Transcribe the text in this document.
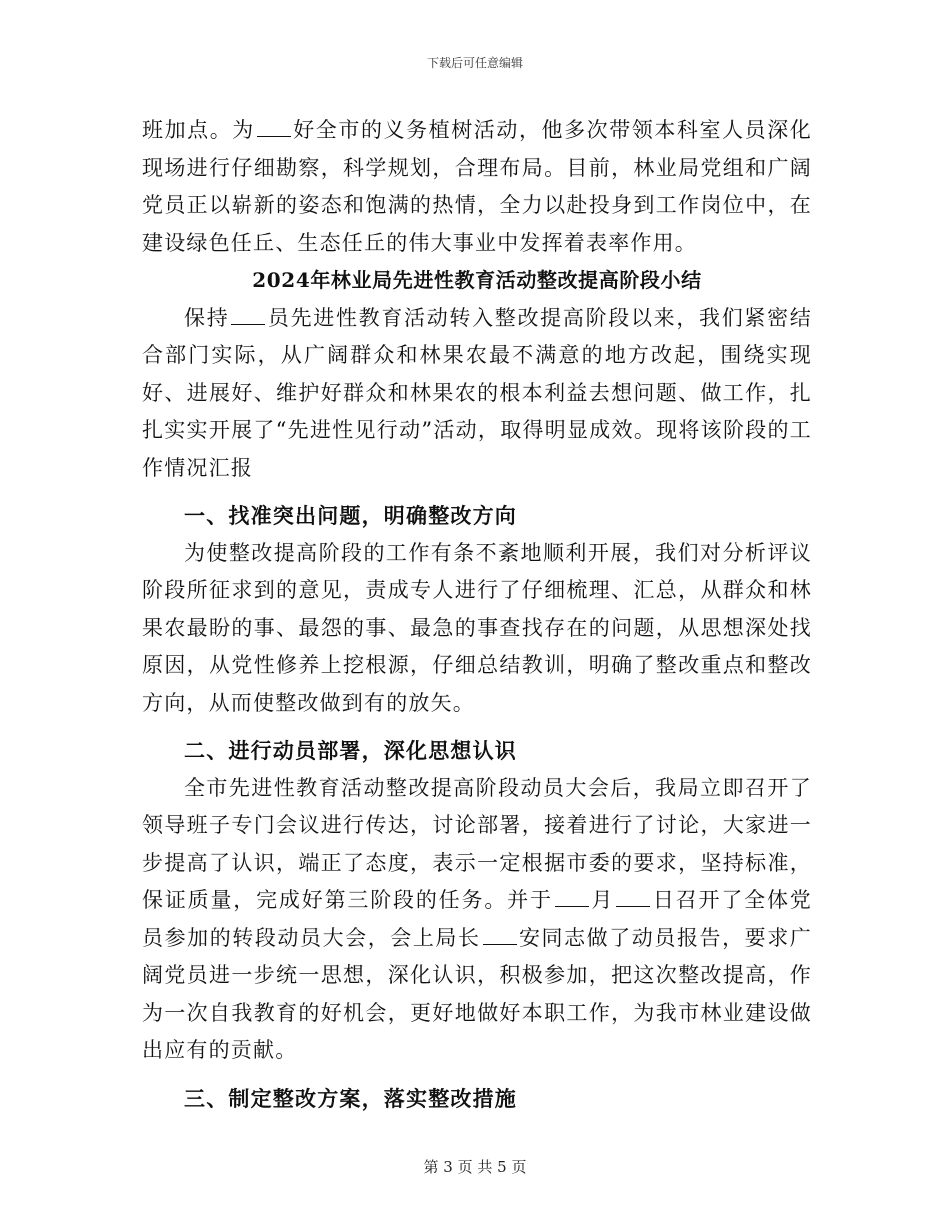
下载后可任意编辑

班加点。为 好全市的义务植树活动，他多次带领本科室人员深化现场进行仔细勘察，科学规划，合理布局。目前，林业局党组和广阔党员正以崭新的姿态和饱满的热情，全力以赴投身到工作岗位中，在建设绿色任丘、生态任丘的伟大事业中发挥着表率作用。

2024年林业局先进性教育活动整改提高阶段小结

保持 员先进性教育活动转入整改提高阶段以来，我们紧密结合部门实际，从广阔群众和林果农最不满意的地方改起，围绕实现好、进展好、维护好群众和林果农的根本利益去想问题、做工作，扎扎实实开展了“先进性见行动”活动，取得明显成效。现将该阶段的工作情况汇报

一、找准突出问题，明确整改方向

为使整改提高阶段的工作有条不紊地顺利开展，我们对分析评议阶段所征求到的意见，责成专人进行了仔细梳理、汇总，从群众和林果农最盼的事、最怨的事、最急的事查找存在的问题，从思想深处找原因，从党性修养上挖根源，仔细总结教训，明确了整改重点和整改方向，从而使整改做到有的放矢。

二、进行动员部署，深化思想认识

全市先进性教育活动整改提高阶段动员大会后，我局立即召开了领导班子专门会议进行传达，讨论部署，接着进行了讨论，大家进一步提高了认识，端正了态度，表示一定根据市委的要求，坚持标准，保证质量，完成好第三阶段的任务。并于 月 日召开了全体党员参加的转段动员大会，会上局长 安同志做了动员报告，要求广阔党员进一步统一思想，深化认识，积极参加，把这次整改提高，作为一次自我教育的好机会，更好地做好本职工作，为我市林业建设做出应有的贡献。

三、制定整改方案，落实整改措施

第 3 页 共 5 页
